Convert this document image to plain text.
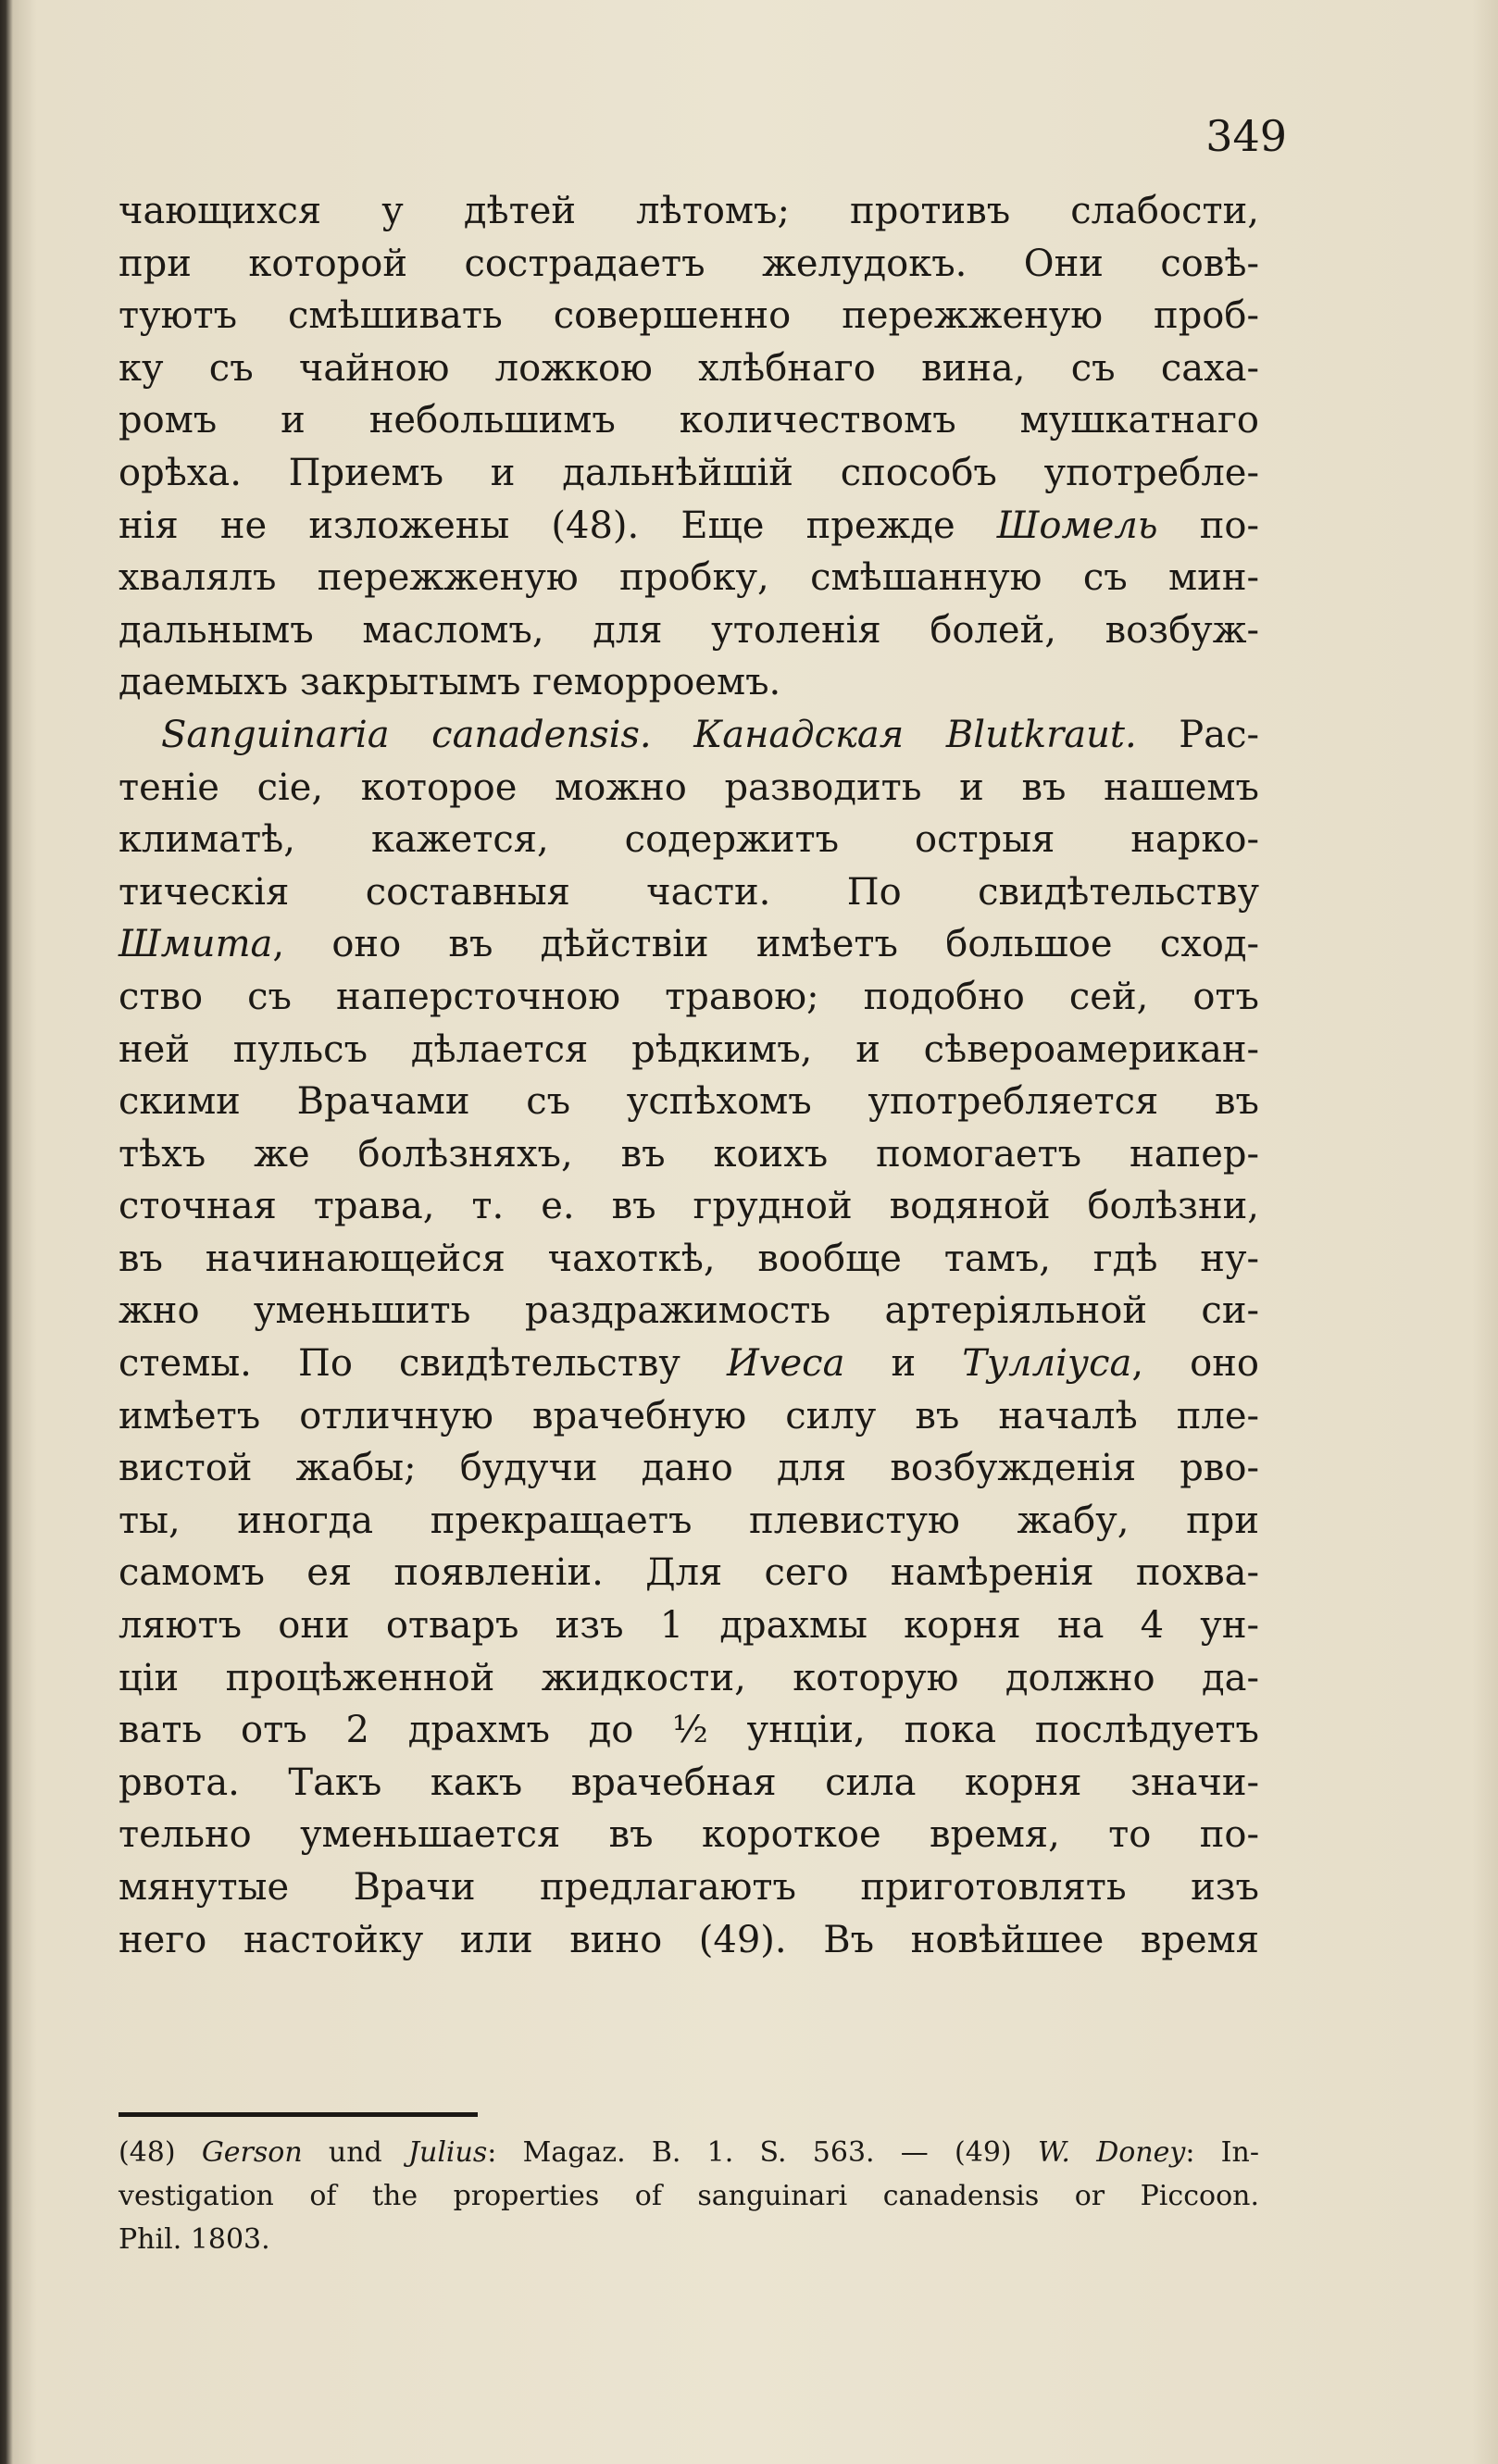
349
чающихся у дѣтей лѣтомъ; противъ слабости,
при которой сострадаетъ желудокъ. Они совѣ-
туютъ смѣшивать совершенно пережженую проб-
ку съ чайною ложкою хлѣбнаго вина, съ саха-
ромъ и небольшимъ количествомъ мушкатнаго
орѣха. Приемъ и дальнѣйшій способъ употребле-
нія не изложены (48). Еще прежде Шомель по-
хвалялъ пережженую пробку, смѣшанную съ мин-
дальнымъ масломъ, для утоленія болей, возбуж-
даемыхъ закрытымъ геморроемъ.
Sanguinaria canadensis. Канадская Blutkraut. Рас-
теніе сіе, которое можно разводить и въ нашемъ
климатѣ, кажется, содержитъ острыя нарко-
тическія составныя части. По свидѣтельству
Шмита, оно въ дѣйствіи имѣетъ большое сход-
ство съ наперсточною травою; подобно сей, отъ
ней пульсъ дѣлается рѣдкимъ, и сѣвероамерикан-
скими Врачами съ успѣхомъ употребляется въ
тѣхъ же болѣзняхъ, въ коихъ помогаетъ напер-
сточная трава, т. е. въ грудной водяной болѣзни,
въ начинающейся чахоткѣ, вообще тамъ, гдѣ ну-
жно уменьшить раздражимость артеріяльной си-
стемы. По свидѣтельству Иveca и Туллiуса, оно
имѣетъ отличную врачебную силу въ началѣ пле-
вистой жабы; будучи дано для возбужденія рво-
ты, иногда прекращаетъ плевистую жабу, при
самомъ ея появленіи. Для сего намѣренія похва-
ляютъ они отваръ изъ 1 драхмы корня на 4 ун-
ціи процѣженной жидкости, которую должно да-
вать отъ 2 драхмъ до ½ унціи, пока послѣдуетъ
рвота. Такъ какъ врачебная сила корня значи-
тельно уменьшается въ короткое время, то по-
мянутые Врачи предлагаютъ приготовлять изъ
него настойку или вино (49). Въ новѣйшее время
(48) Gerson und Julius: Magaz. B. 1. S. 563. — (49) W. Doney: In-
vestigation of the properties of sanguinari canadensis or Piccoon.
Phil. 1803.
